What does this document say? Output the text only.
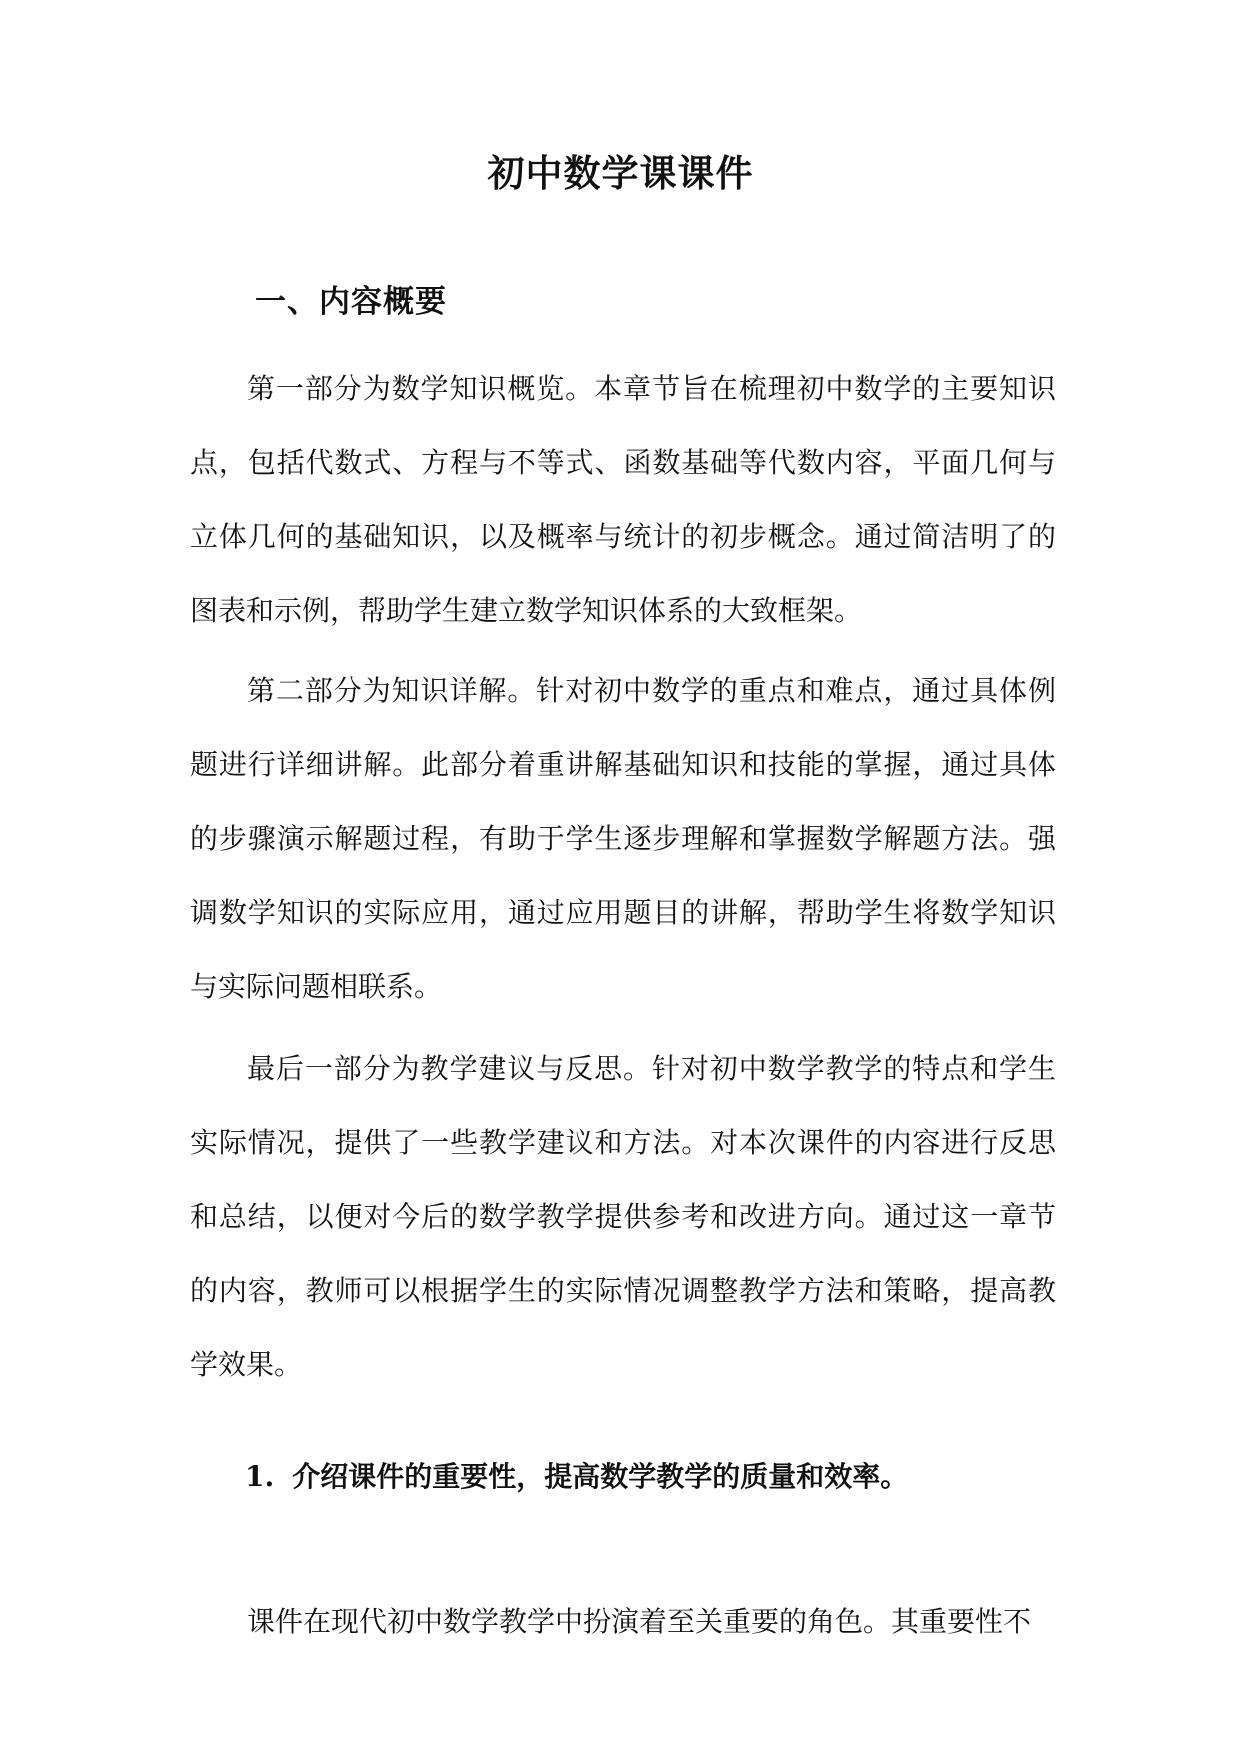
初中数学课课件
一、内容概要

第一部分为数学知识概览。本章节旨在梳理初中数学的主要知识点，包括代数式、方程与不等式、函数基础等代数内容，平面几何与立体几何的基础知识，以及概率与统计的初步概念。通过简洁明了的图表和示例，帮助学生建立数学知识体系的大致框架。

第二部分为知识详解。针对初中数学的重点和难点，通过具体例题进行详细讲解。此部分着重讲解基础知识和技能的掌握，通过具体的步骤演示解题过程，有助于学生逐步理解和掌握数学解题方法。强调数学知识的实际应用，通过应用题目的讲解，帮助学生将数学知识与实际问题相联系。

最后一部分为教学建议与反思。针对初中数学教学的特点和学生实际情况，提供了一些教学建议和方法。对本次课件的内容进行反思和总结，以便对今后的数学教学提供参考和改进方向。通过这一章节的内容，教师可以根据学生的实际情况调整教学方法和策略，提高教学效果。

1. 介绍课件的重要性，提高数学教学的质量和效率。

课件在现代初中数学教学中扮演着至关重要的角色。其重要性不
